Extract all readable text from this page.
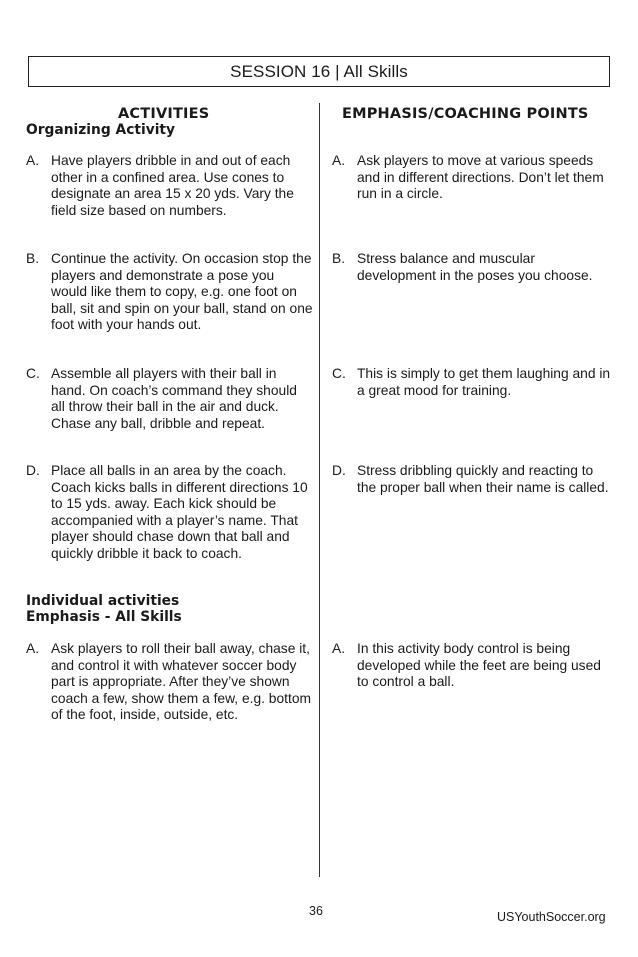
SESSION 16 | All Skills
ACTIVITIES	EMPHASIS/COACHING POINTS
Organizing Activity
A. Have players dribble in and out of each other in a confined area. Use cones to designate an area 15 x 20 yds. Vary the field size based on numbers.
B. Continue the activity. On occasion stop the players and demonstrate a pose you would like them to copy, e.g. one foot on ball, sit and spin on your ball, stand on one foot with your hands out.
C. Assemble all players with their ball in hand. On coach’s command they should all throw their ball in the air and duck. Chase any ball, dribble and repeat.
D. Place all balls in an area by the coach. Coach kicks balls in different directions 10 to 15 yds. away. Each kick should be accompanied with a player’s name. That player should chase down that ball and quickly dribble it back to coach.
A. Ask players to move at various speeds and in different directions. Don’t let them run in a circle.
B. Stress balance and muscular development in the poses you choose.
C. This is simply to get them laughing and in a great mood for training.
D. Stress dribbling quickly and reacting to the proper ball when their name is called.
Individual activities
Emphasis - All Skills
A. Ask players to roll their ball away, chase it, and control it with whatever soccer body part is appropriate. After they’ve shown coach a few, show them a few, e.g. bottom of the foot, inside, outside, etc.
A. In this activity body control is being developed while the feet are being used to control a ball.
36	USYouthSoccer.org
